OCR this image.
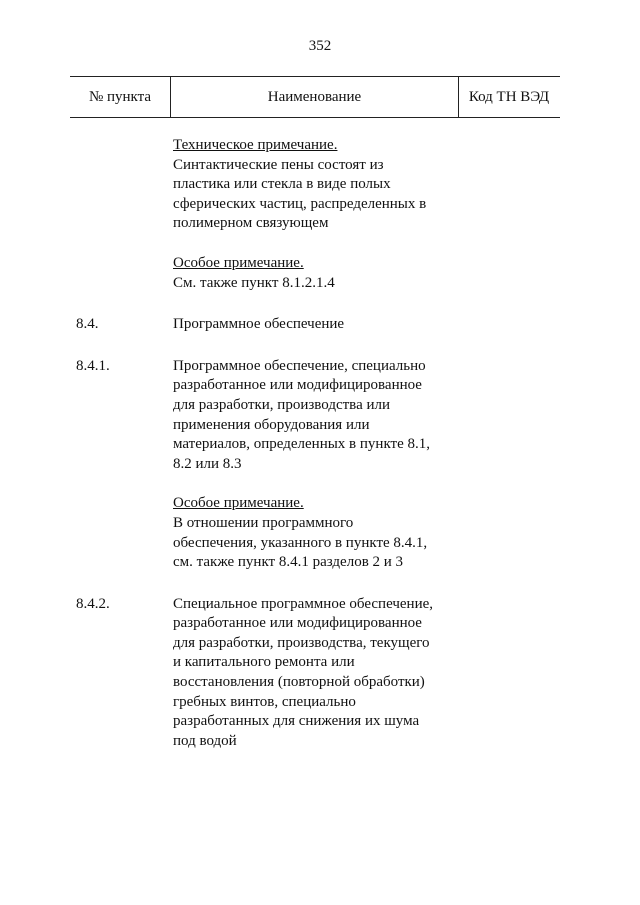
352
№ пункта	Наименование	Код ТН ВЭД
Техническое примечание.
Синтактические пены состоят из
пластика или стекла в виде полых
сферических частиц, распределенных в
полимерном связующем
Особое примечание.
См. также пункт 8.1.2.1.4
8.4.	Программное обеспечение
8.4.1.	Программное обеспечение, специально
разработанное или модифицированное
для разработки, производства или
применения оборудования или
материалов, определенных в пункте 8.1,
8.2 или 8.3
Особое примечание.
В отношении программного
обеспечения, указанного в пункте 8.4.1,
см. также пункт 8.4.1 разделов 2 и 3
8.4.2.	Специальное программное обеспечение,
разработанное или модифицированное
для разработки, производства, текущего
и капитального ремонта или
восстановления (повторной обработки)
гребных винтов, специально
разработанных для снижения их шума
под водой
